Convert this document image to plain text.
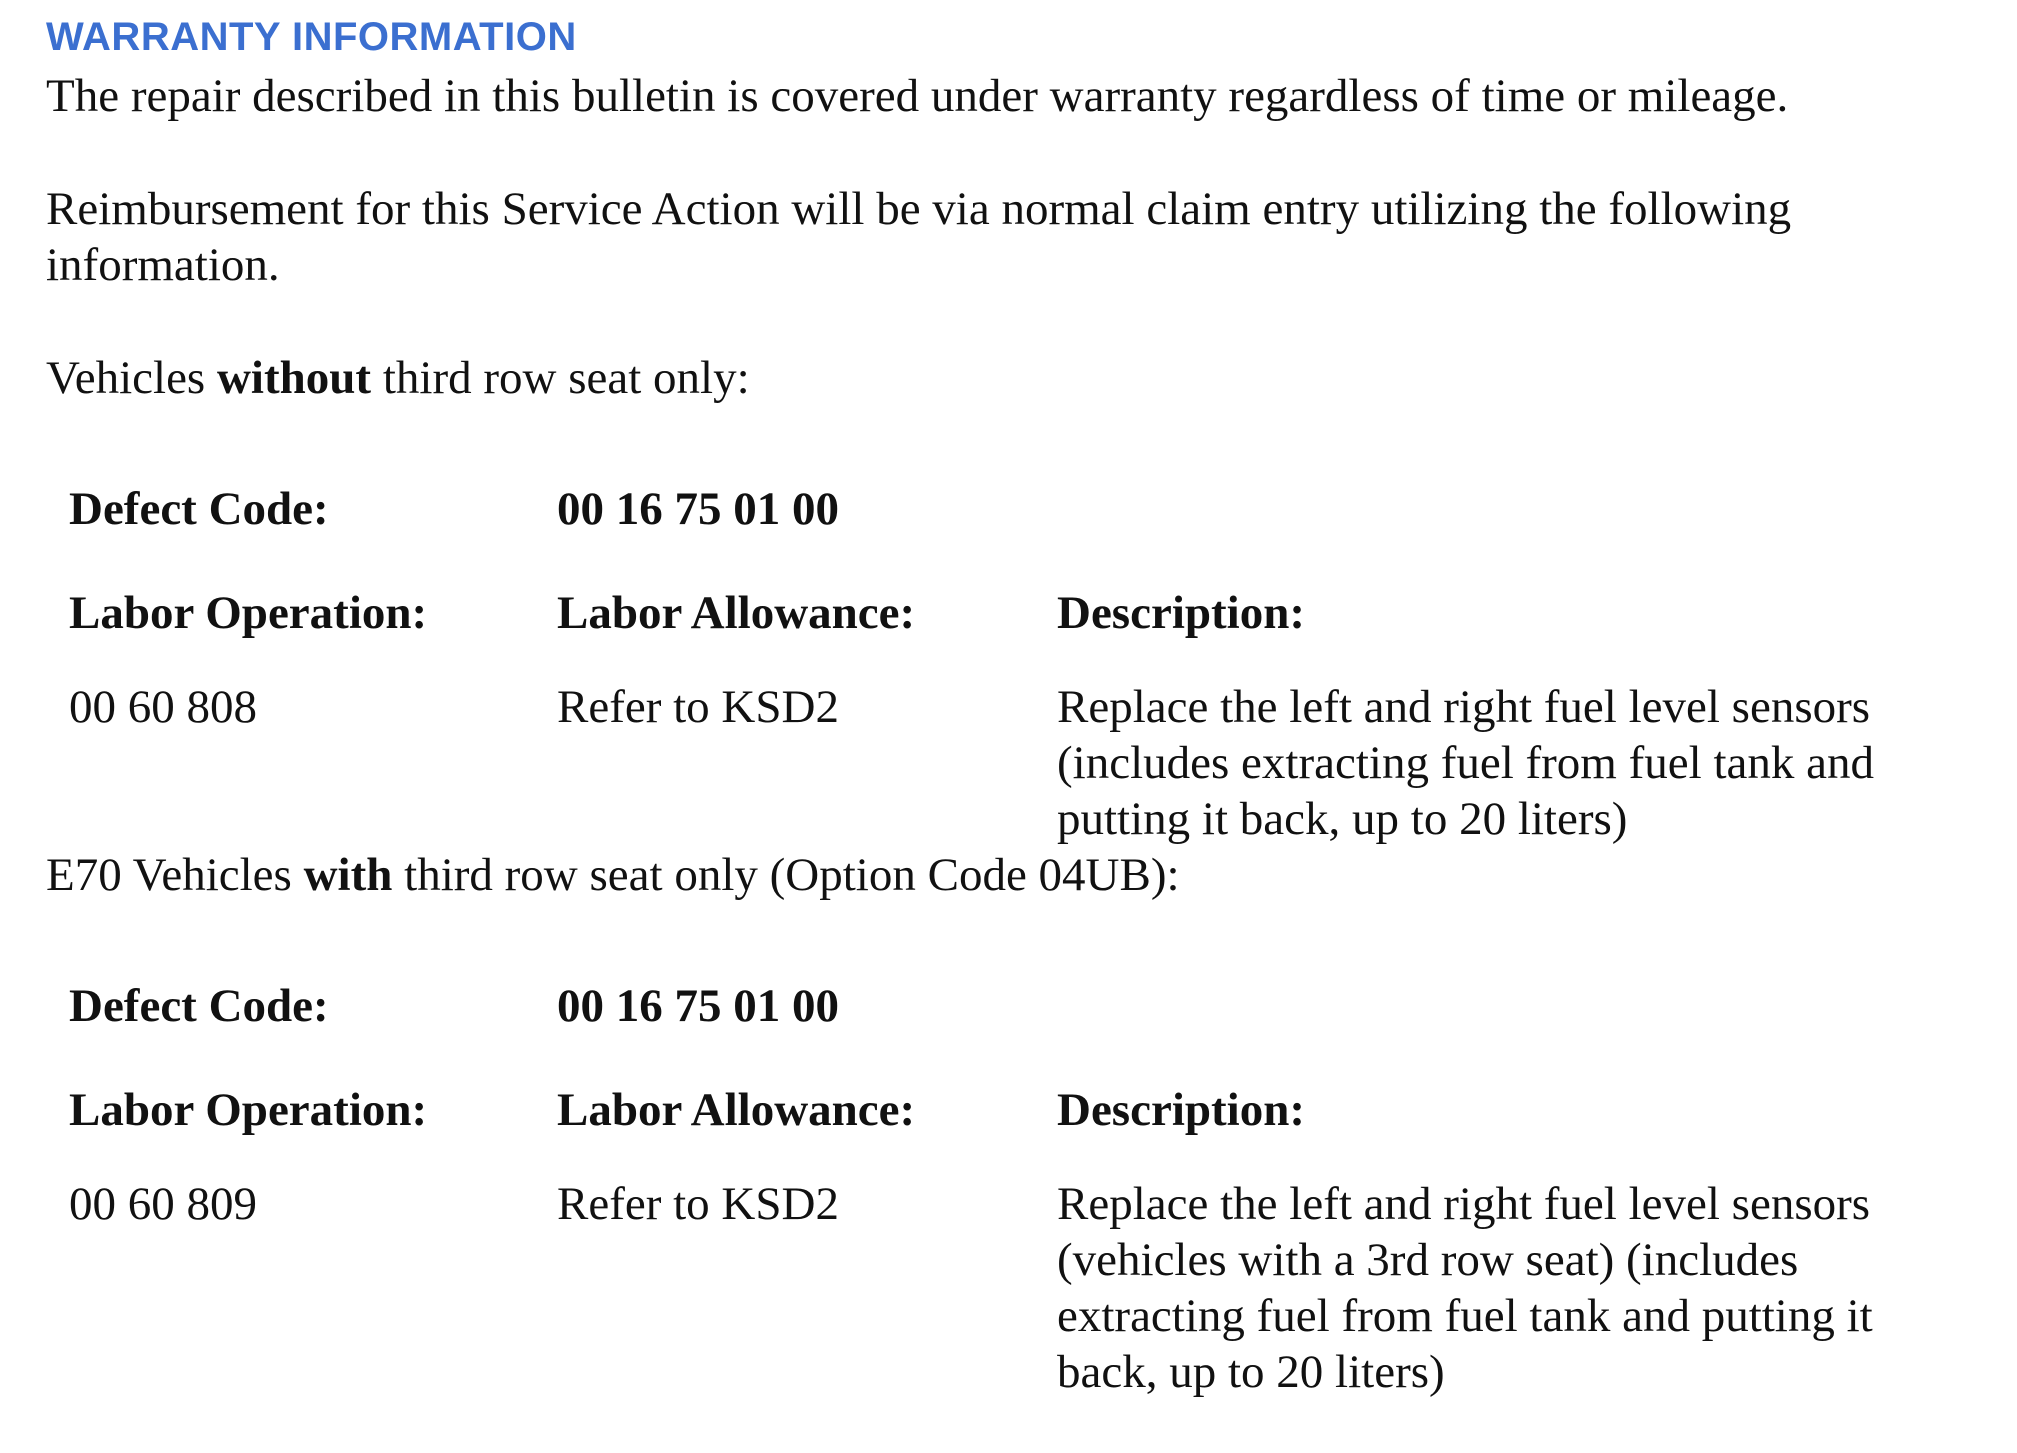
WARRANTY INFORMATION

The repair described in this bulletin is covered under warranty regardless of time or mileage.

Reimbursement for this Service Action will be via normal claim entry utilizing the following information.

Vehicles without third row seat only:

Defect Code:	00 16 75 01 00
Labor Operation:	Labor Allowance:	Description:
00 60 808	Refer to KSD2	Replace the left and right fuel level sensors (includes extracting fuel from fuel tank and putting it back, up to 20 liters)

E70 Vehicles with third row seat only (Option Code 04UB):

Defect Code:	00 16 75 01 00
Labor Operation:	Labor Allowance:	Description:
00 60 809	Refer to KSD2	Replace the left and right fuel level sensors (vehicles with a 3rd row seat) (includes extracting fuel from fuel tank and putting it back, up to 20 liters)
